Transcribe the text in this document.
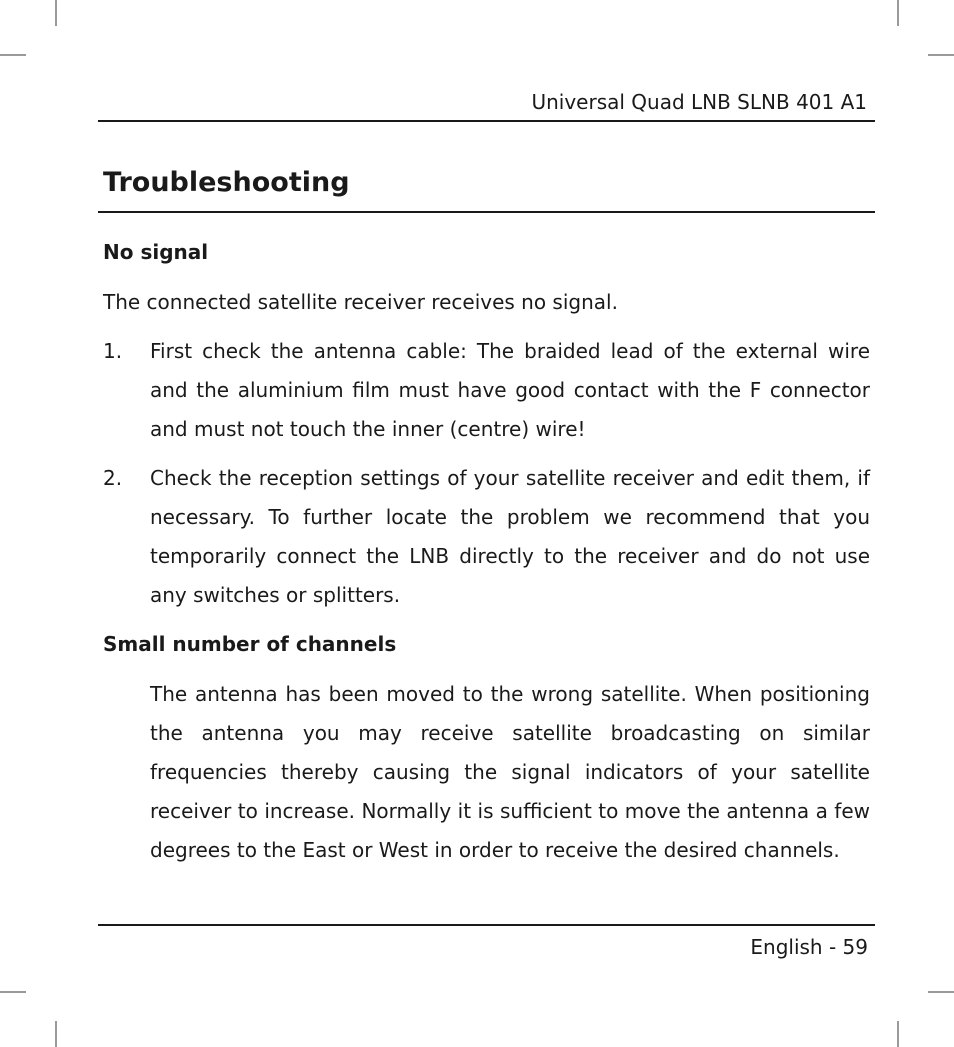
Universal Quad LNB SLNB 401 A1
Troubleshooting
No signal

The connected satellite receiver receives no signal.

1. First check the antenna cable: The braided lead of the external wire and the aluminium film must have good contact with the F connector and must not touch the inner (centre) wire!

2. Check the reception settings of your satellite receiver and edit them, if necessary. To further locate the problem we recommend that you temporarily connect the LNB directly to the receiver and do not use any switches or splitters.

Small number of channels

The antenna has been moved to the wrong satellite. When positioning the antenna you may receive satellite broadcasting on similar frequencies thereby causing the signal indicators of your satellite receiver to increase. Normally it is sufficient to move the antenna a few degrees to the East or West in order to receive the desired channels.

English - 59
